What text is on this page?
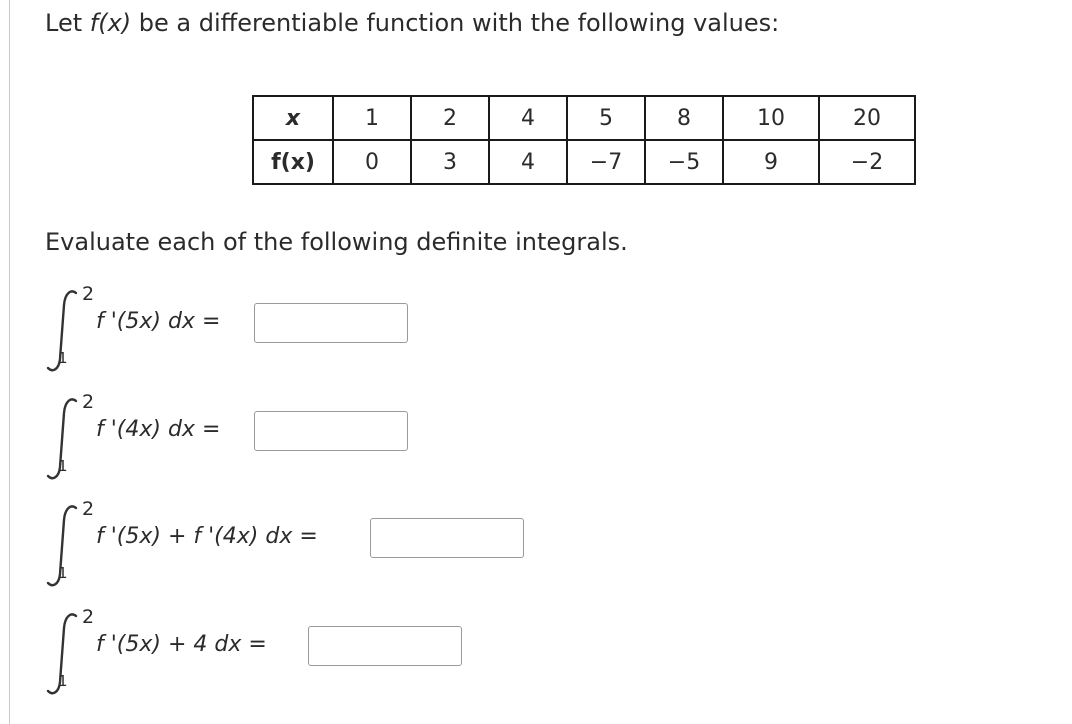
Let f(x) be a differentiable function with the following values:
x	1	2	4	5	8	10	20
f(x)	0	3	4	−7	−5	9	−2
Evaluate each of the following definite integrals.
2
1
f '(5x) dx =
2
1
f '(4x) dx =
2
1
f '(5x) + f '(4x) dx =
2
1
f '(5x) + 4 dx =
